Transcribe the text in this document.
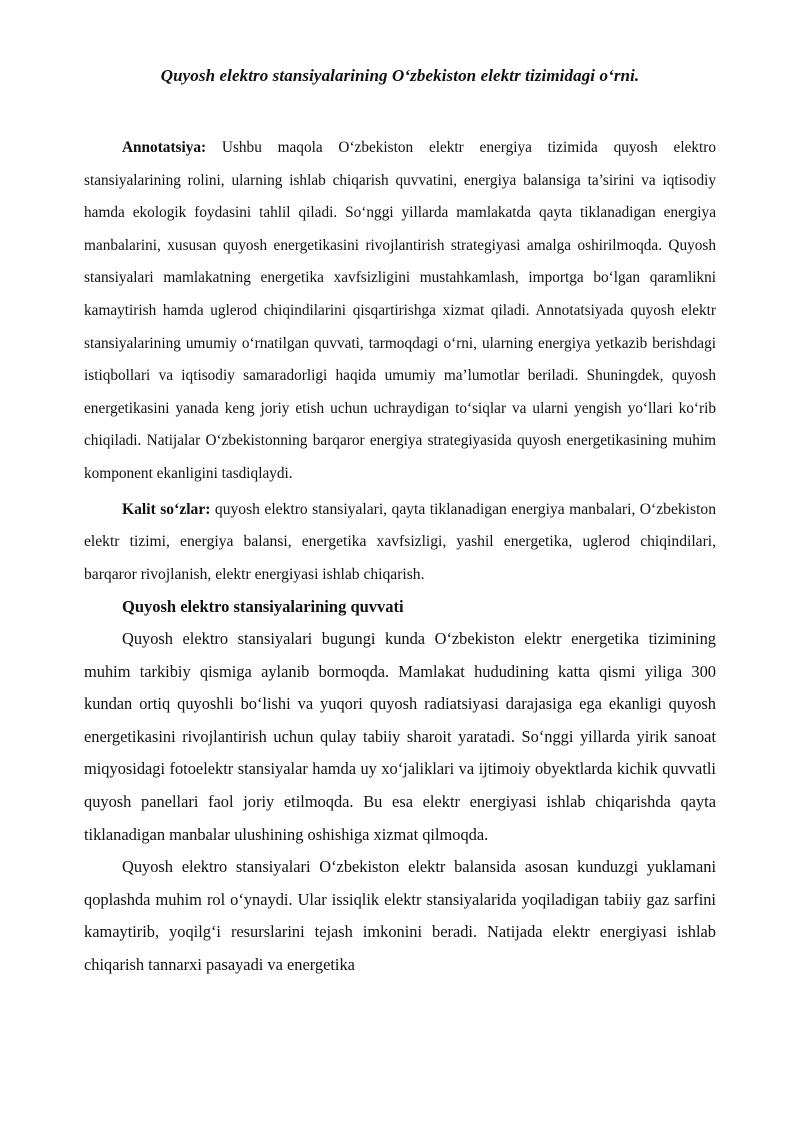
Quyosh elektro stansiyalarining O‘zbekiston elektr tizimidagi o‘rni.

Annotatsiya: Ushbu maqola O‘zbekiston elektr energiya tizimida quyosh elektro stansiyalarining rolini, ularning ishlab chiqarish quvvatini, energiya balansiga ta’sirini va iqtisodiy hamda ekologik foydasini tahlil qiladi. So‘nggi yillarda mamlakatda qayta tiklanadigan energiya manbalarini, xususan quyosh energetikasini rivojlantirish strategiyasi amalga oshirilmoqda. Quyosh stansiyalari mamlakatning energetika xavfsizligini mustahkamlash, importga bo‘lgan qaramlikni kamaytirish hamda uglerod chiqindilarini qisqartirishga xizmat qiladi. Annotatsiyada quyosh elektr stansiyalarining umumiy o‘rnatilgan quvvati, tarmoqdagi o‘rni, ularning energiya yetkazib berishdagi istiqbollari va iqtisodiy samaradorligi haqida umumiy ma’lumotlar beriladi. Shuningdek, quyosh energetikasini yanada keng joriy etish uchun uchraydigan to‘siqlar va ularni yengish yo‘llari ko‘rib chiqiladi. Natijalar O‘zbekistonning barqaror energiya strategiyasida quyosh energetikasining muhim komponent ekanligini tasdiqlaydi.

Kalit so‘zlar: quyosh elektro stansiyalari, qayta tiklanadigan energiya manbalari, O‘zbekiston elektr tizimi, energiya balansi, energetika xavfsizligi, yashil energetika, uglerod chiqindilari, barqaror rivojlanish, elektr energiyasi ishlab chiqarish.

Quyosh elektro stansiyalarining quvvati

Quyosh elektro stansiyalari bugungi kunda O‘zbekiston elektr energetika tizimining muhim tarkibiy qismiga aylanib bormoqda. Mamlakat hududining katta qismi yiliga 300 kundan ortiq quyoshli bo‘lishi va yuqori quyosh radiatsiyasi darajasiga ega ekanligi quyosh energetikasini rivojlantirish uchun qulay tabiiy sharoit yaratadi. So‘nggi yillarda yirik sanoat miqyosidagi fotoelektr stansiyalar hamda uy xo‘jaliklari va ijtimoiy obyektlarda kichik quvvatli quyosh panellari faol joriy etilmoqda. Bu esa elektr energiyasi ishlab chiqarishda qayta tiklanadigan manbalar ulushining oshishiga xizmat qilmoqda.

Quyosh elektro stansiyalari O‘zbekiston elektr balansida asosan kunduzgi yuklamani qoplashda muhim rol o‘ynaydi. Ular issiqlik elektr stansiyalarida yoqiladigan tabiiy gaz sarfini kamaytirib, yoqilg‘i resurslarini tejash imkonini beradi. Natijada elektr energiyasi ishlab chiqarish tannarxi pasayadi va energetika
